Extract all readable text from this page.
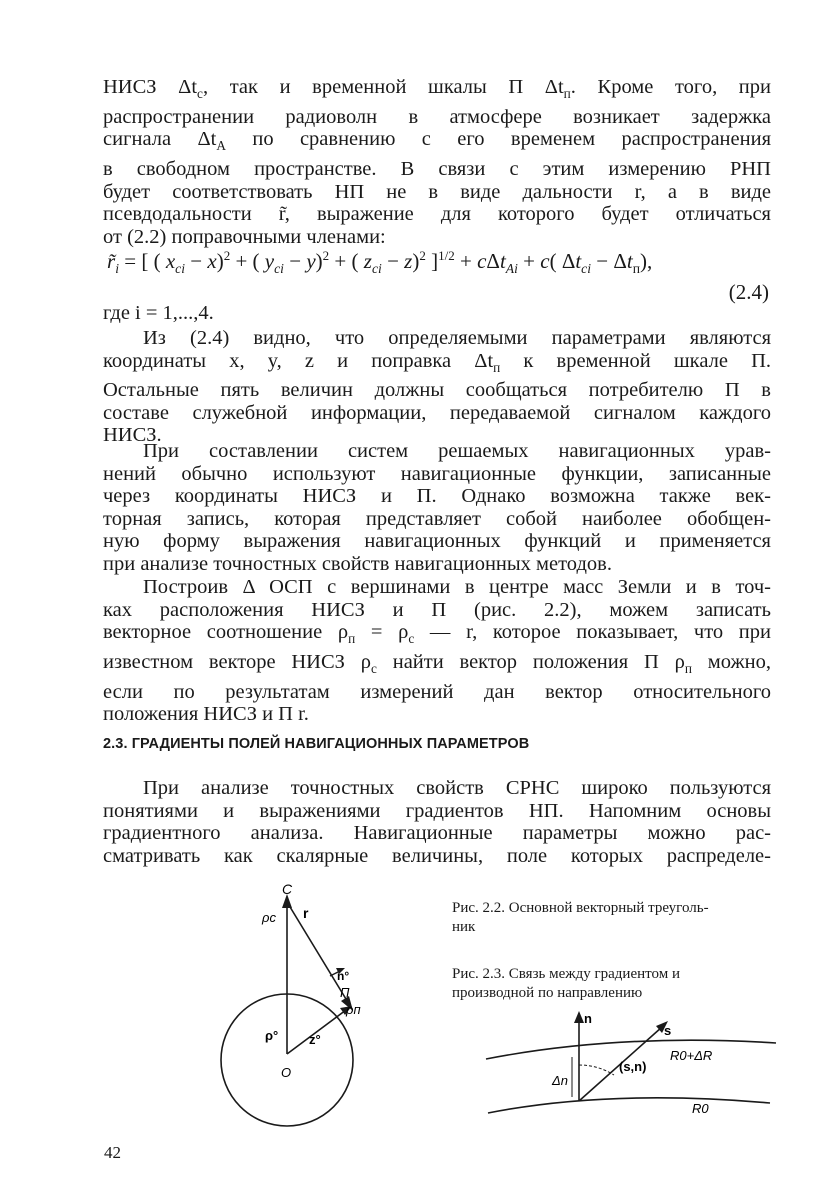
НИСЗ $\Delta t_с$, так и временной шкалы П $\Delta t_п$. Кроме того, при
распространении радиоволн в атмосфере возникает задержка
сигнала $\Delta t_A$ по сравнению с его временем распространения
в свободном пространстве. В связи с этим измерению РНП
будет соответствовать НП не в виде дальности r, а в виде
псевдодальности r̃, выражение для которого будет отличаться
от (2.2) поправочными членами:

$r̃_i$ = [ ( $x_{ci} - x)^2$ + ( $y_{ci} - y)^2$ + ( $z_{ci} - z)^2$ ]$^{1/2}$ + cΔt$_{Ai}$ + c( $\Delta t_{ci} - \Delta t_п$),
(2.4)

где i = 1,...,4.

Из (2.4) видно, что определяемыми параметрами являются
координаты x, y, z и поправка $\Delta t_п$ к временной шкале П.
Остальные пять величин должны сообщаться потребителю П в
составе служебной информации, передаваемой сигналом каждого
НИСЗ.

При составлении систем решаемых навигационных урав-
нений обычно используют навигационные функции, записанные
через координаты НИСЗ и П. Однако возможна также век-
торная запись, которая представляет собой наиболее обобщен-
ную форму выражения навигационных функций и применяется
при анализе точностных свойств навигационных методов.

Построив Δ ОСП с вершинами в центре масс Земли и в точ-
ках расположения НИСЗ и П (рис. 2.2), можем записать
векторное соотношение $\rho_п = \rho_с$ — r, которое показывает, что при
известном векторе НИСЗ $\rho_с$ найти вектор положения П $\rho_п$ можно,
если по результатам измерений дан вектор относительного
положения НИСЗ и П r.

2.3. ГРАДИЕНТЫ ПОЛЕЙ НАВИГАЦИОННЫХ ПАРАМЕТРОВ

При анализе точностных свойств СРНС широко пользуются
понятиями и выражениями градиентов НП. Напомним основы
градиентного анализа. Навигационные параметры можно рас-
сматривать как скалярные величины, поле которых распределе-

C
ρc r
n°
П
ρп
ρ° z°
O
Рис. 2.2. Основной векторный треуголь-
ник
Рис. 2.3. Связь между градиентом и
производной по направлению
n
s
(s,n)
Δn
R0+ΔR
R0
42
